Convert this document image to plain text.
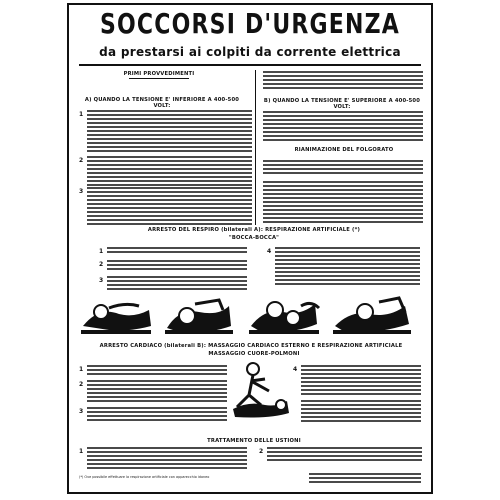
SOCCORSI D'URGENZA
da prestarsi ai colpiti da corrente elettrica
PRIMI PROVVEDIMENTI
A) QUANDO LA TENSIONE E' INFERIORE A 400-500 VOLT:
1
2
3
B) QUANDO LA TENSIONE E' SUPERIORE A 400-500 VOLT:
RIANIMAZIONE DEL FOLGORATO
ARRESTO DEL RESPIRO (bilaterali A): RESPIRAZIONE ARTIFICIALE (*)
"BOCCA-BOCCA"
1
2
3
4
ARRESTO CARDIACO (bilaterali B): MASSAGGIO CARDIACO ESTERNO E RESPIRAZIONE ARTIFICIALE
MASSAGGIO CUORE-POLMONI
1
2
3
4
TRATTAMENTO DELLE USTIONI
1	2
(*) Ove possibile effettuare la respirazione artificiale con apparecchio idoneo
